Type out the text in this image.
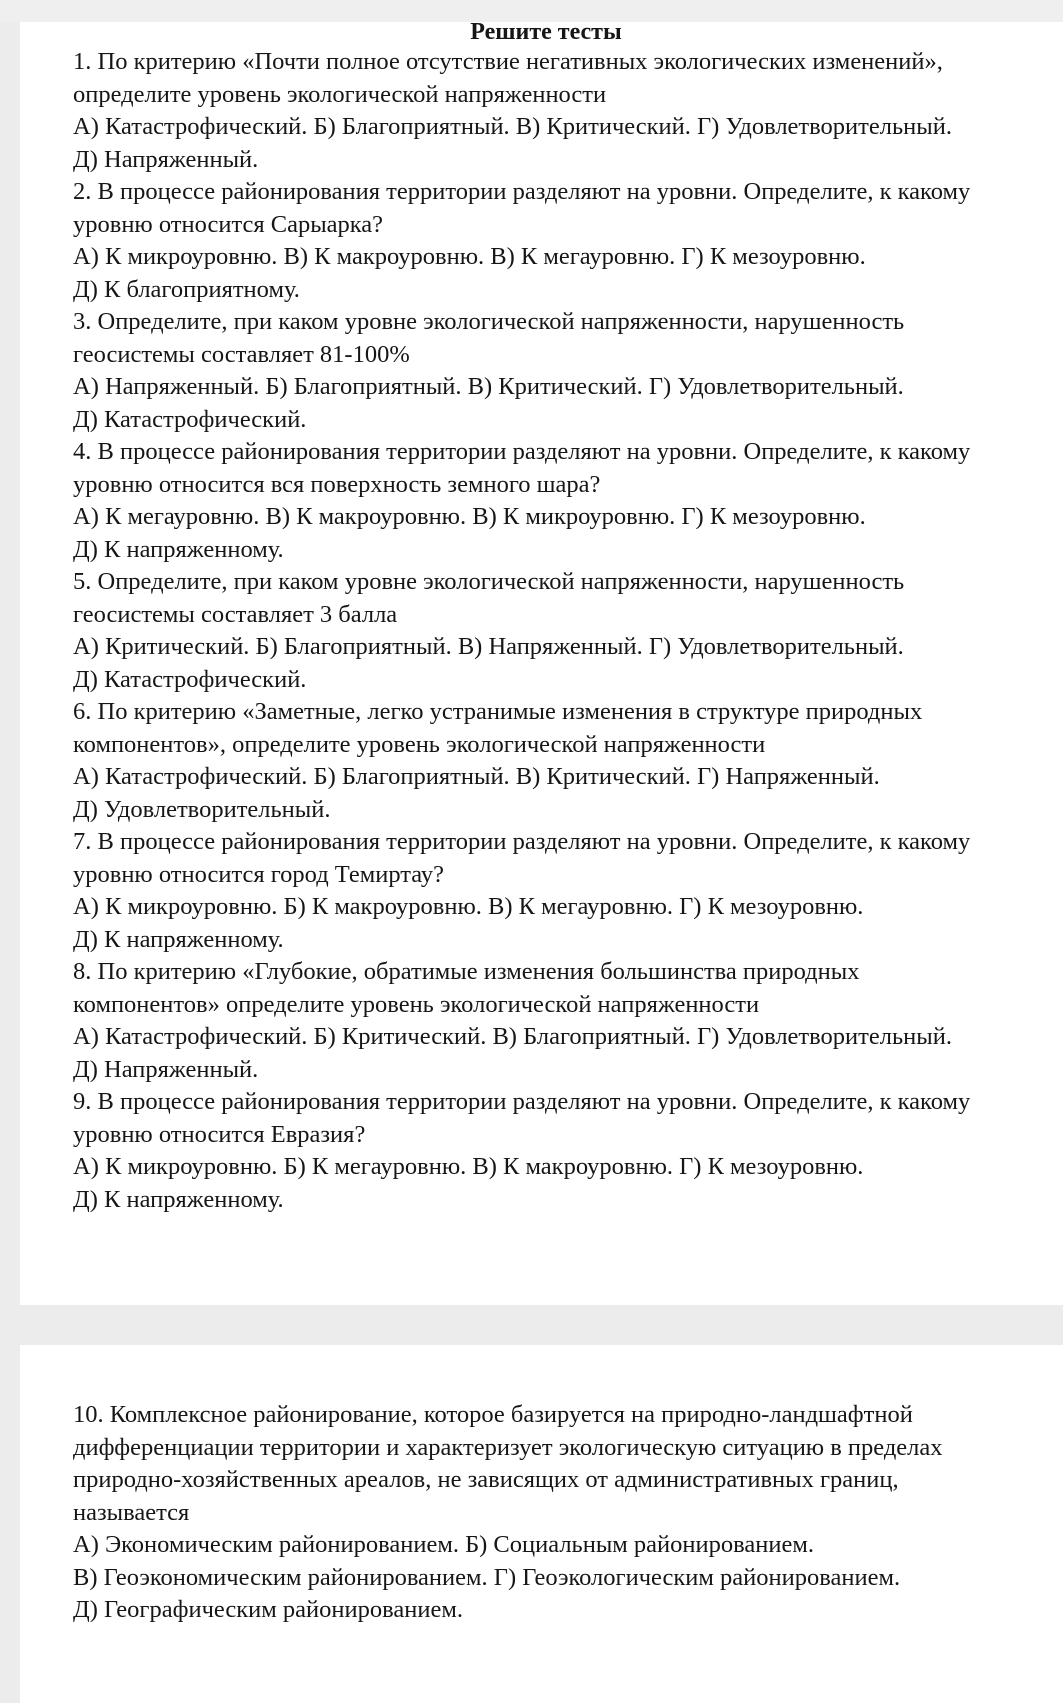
Решите тесты
1. По критерию «Почти полное отсутствие негативных экологических изменений»,
определите уровень экологической напряженности
А) Катастрофический. Б) Благоприятный. В) Критический. Г) Удовлетворительный.
Д) Напряженный.
2. В процессе районирования территории разделяют на уровни. Определите, к какому
уровню относится Сарыарка?
А) К микроуровню. В) К макроуровню. В) К мегауровню. Г) К мезоуровню.
Д) К благоприятному.
3. Определите, при каком уровне экологической напряженности, нарушенность
геосистемы составляет 81-100%
А) Напряженный. Б) Благоприятный. В) Критический. Г) Удовлетворительный.
Д) Катастрофический.
4. В процессе районирования территории разделяют на уровни. Определите, к какому
уровню относится вся поверхность земного шара?
А) К мегауровню. В) К макроуровню. В) К микроуровню. Г) К мезоуровню.
Д) К напряженному.
5. Определите, при каком уровне экологической напряженности, нарушенность
геосистемы составляет 3 балла
А) Критический. Б) Благоприятный. В) Напряженный. Г) Удовлетворительный.
Д) Катастрофический.
6. По критерию «Заметные, легко устранимые изменения в структуре природных
компонентов», определите уровень экологической напряженности
А) Катастрофический. Б) Благоприятный. В) Критический. Г) Напряженный.
Д) Удовлетворительный.
7. В процессе районирования территории разделяют на уровни. Определите, к какому
уровню относится город Темиртау?
А) К микроуровню. Б) К макроуровню. В) К мегауровню. Г) К мезоуровню.
Д) К напряженному.
8. По критерию «Глубокие, обратимые изменения большинства природных
компонентов» определите уровень экологической напряженности
А) Катастрофический. Б) Критический. В) Благоприятный. Г) Удовлетворительный.
Д) Напряженный.
9. В процессе районирования территории разделяют на уровни. Определите, к какому
уровню относится Евразия?
А) К микроуровню. Б) К мегауровню. В) К макроуровню. Г) К мезоуровню.
Д) К напряженному.
10. Комплексное районирование, которое базируется на природно-ландшафтной
дифференциации территории и характеризует экологическую ситуацию в пределах
природно-хозяйственных ареалов, не зависящих от административных границ,
называется
А) Экономическим районированием. Б) Социальным районированием.
В) Геоэкономическим районированием. Г) Геоэкологическим районированием.
Д) Географическим районированием.
